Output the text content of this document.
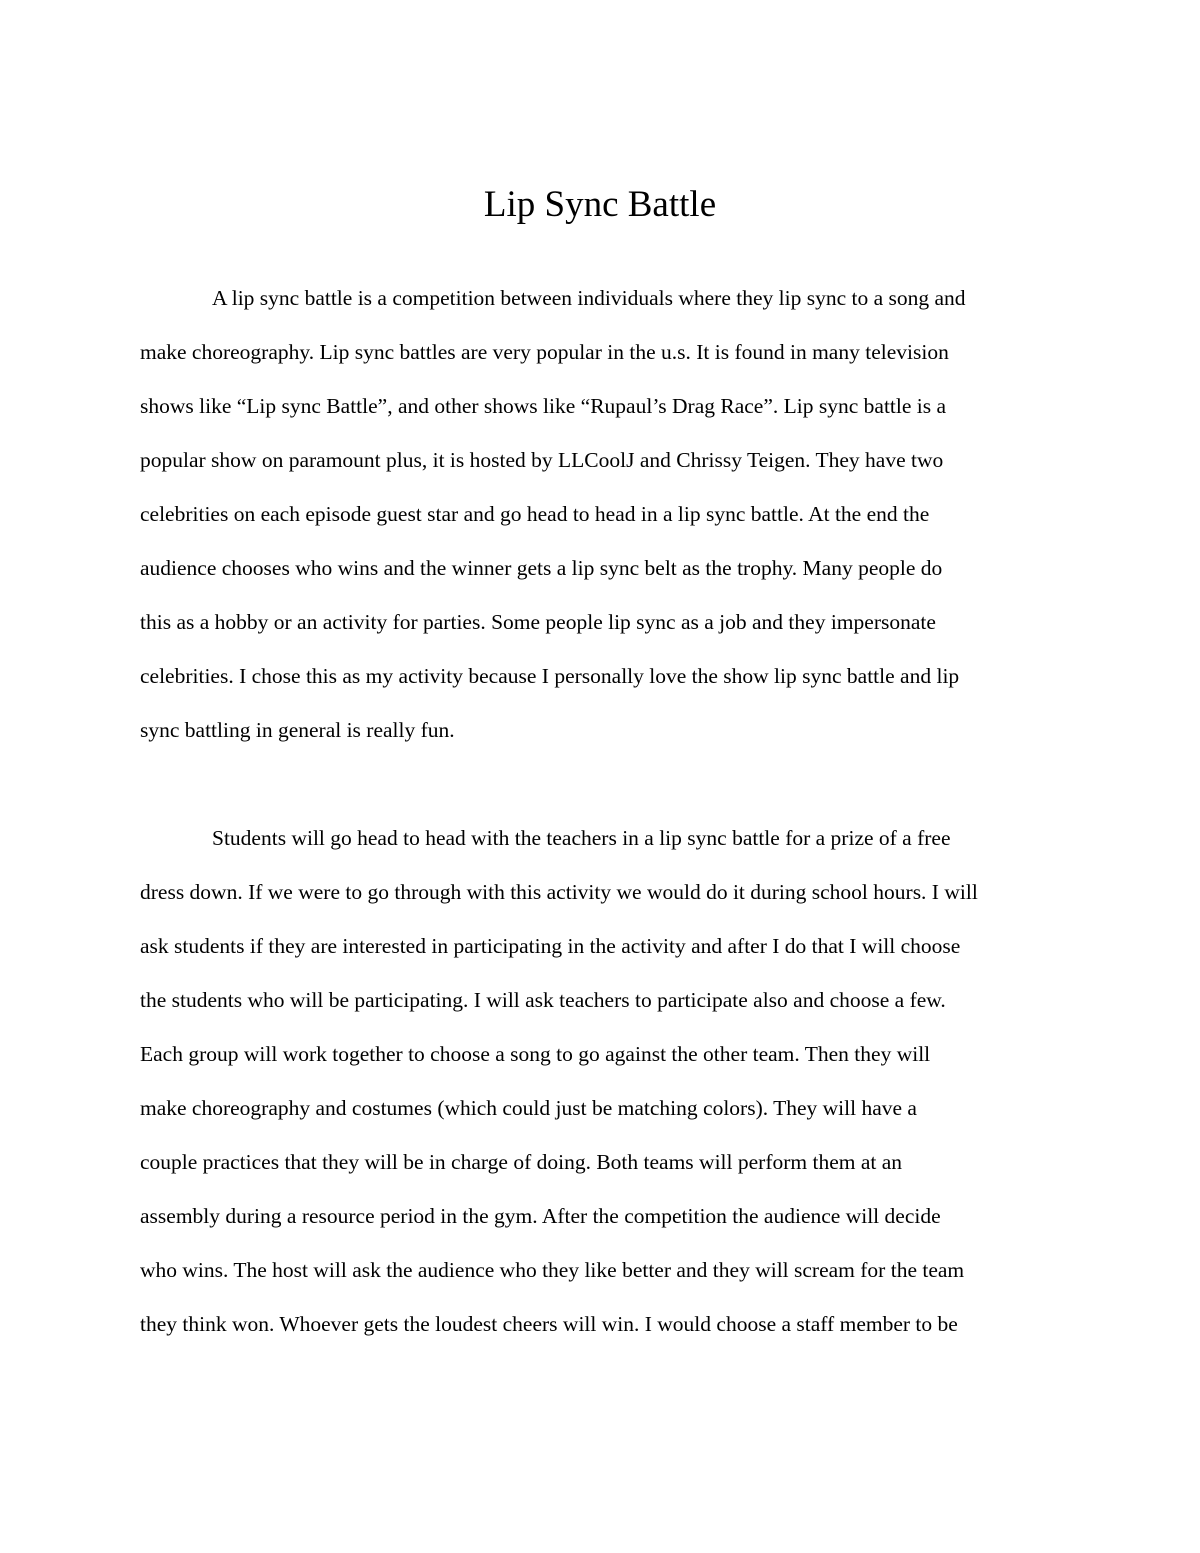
Lip Sync Battle

A lip sync battle is a competition between individuals where they lip sync to a song and

make choreography. Lip sync battles are very popular in the u.s. It is found in many television

shows like “Lip sync Battle”, and other shows like “Rupaul’s Drag Race”. Lip sync battle is a

popular show on paramount plus, it is hosted by LLCoolJ and Chrissy Teigen. They have two

celebrities on each episode guest star and go head to head in a lip sync battle. At the end the

audience chooses who wins and the winner gets a lip sync belt as the trophy. Many people do

this as a hobby or an activity for parties. Some people lip sync as a job and they impersonate

celebrities. I chose this as my activity because I personally love the show lip sync battle and lip

sync battling in general is really fun.

Students will go head to head with the teachers in a lip sync battle for a prize of a free

dress down. If we were to go through with this activity we would do it during school hours. I will

ask students if they are interested in participating in the activity and after I do that I will choose

the students who will be participating. I will ask teachers to participate also and choose a few.

Each group will work together to choose a song to go against the other team. Then they will

make choreography and costumes (which could just be matching colors). They will have a

couple practices that they will be in charge of doing. Both teams will perform them at an

assembly during a resource period in the gym. After the competition the audience will decide

who wins. The host will ask the audience who they like better and they will scream for the team

they think won. Whoever gets the loudest cheers will win. I would choose a staff member to be
